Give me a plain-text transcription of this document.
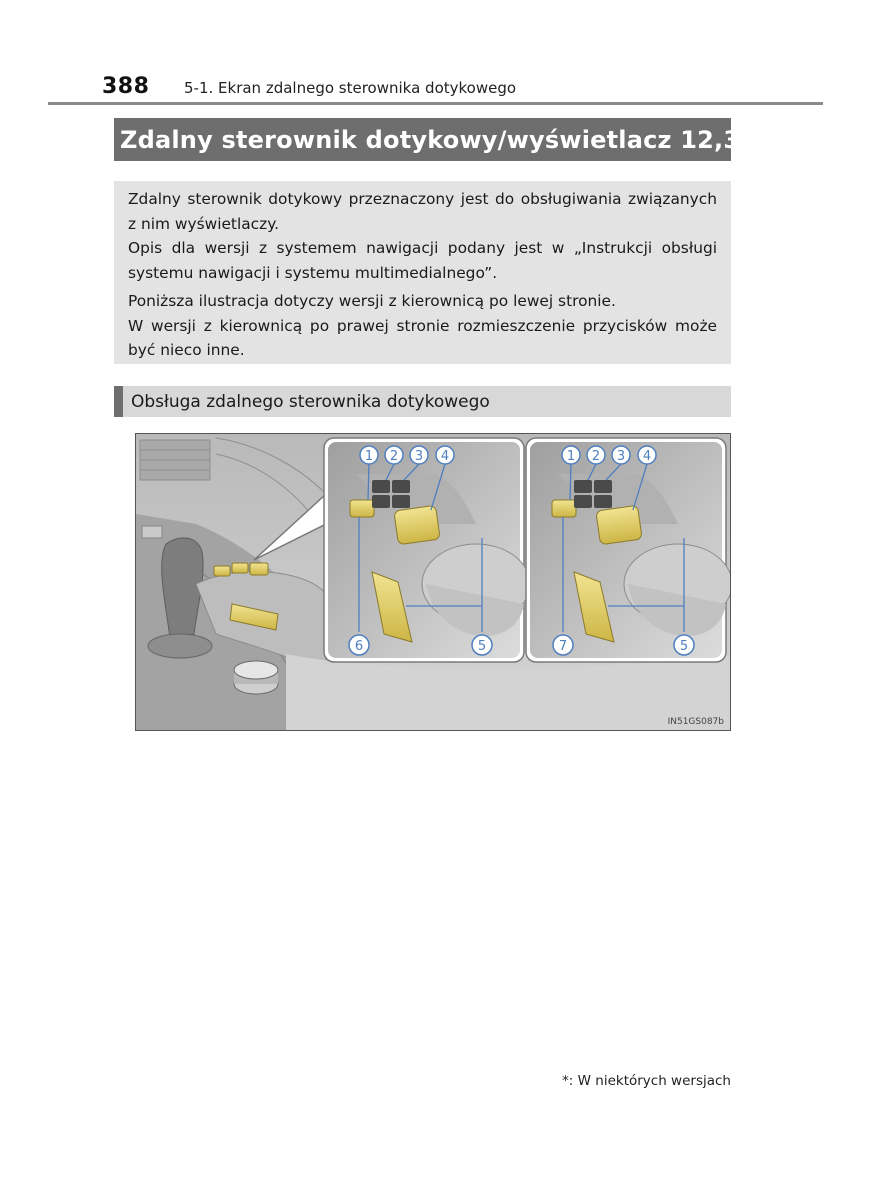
388 5-1. Ekran zdalnego sterownika dotykowego
Zdalny sterownik dotykowy/wyświetlacz 12,3” *

Zdalny sterownik dotykowy przeznaczony jest do obsługiwania związanych z nim wyświetlaczy.

Opis dla wersji z systemem nawigacji podany jest w „Instrukcji obsługi systemu nawigacji i systemu multimedialnego”.

Poniższa ilustracja dotyczy wersji z kierownicą po lewej stronie.

W wersji z kierownicą po prawej stronie rozmieszczenie przycisków może być nieco inne.

Obsługa zdalnego sterownika dotykowego
1 2 3 4
6	5
1 2 3 4
7	5
IN51GS087b
*: W niektórych wersjach
